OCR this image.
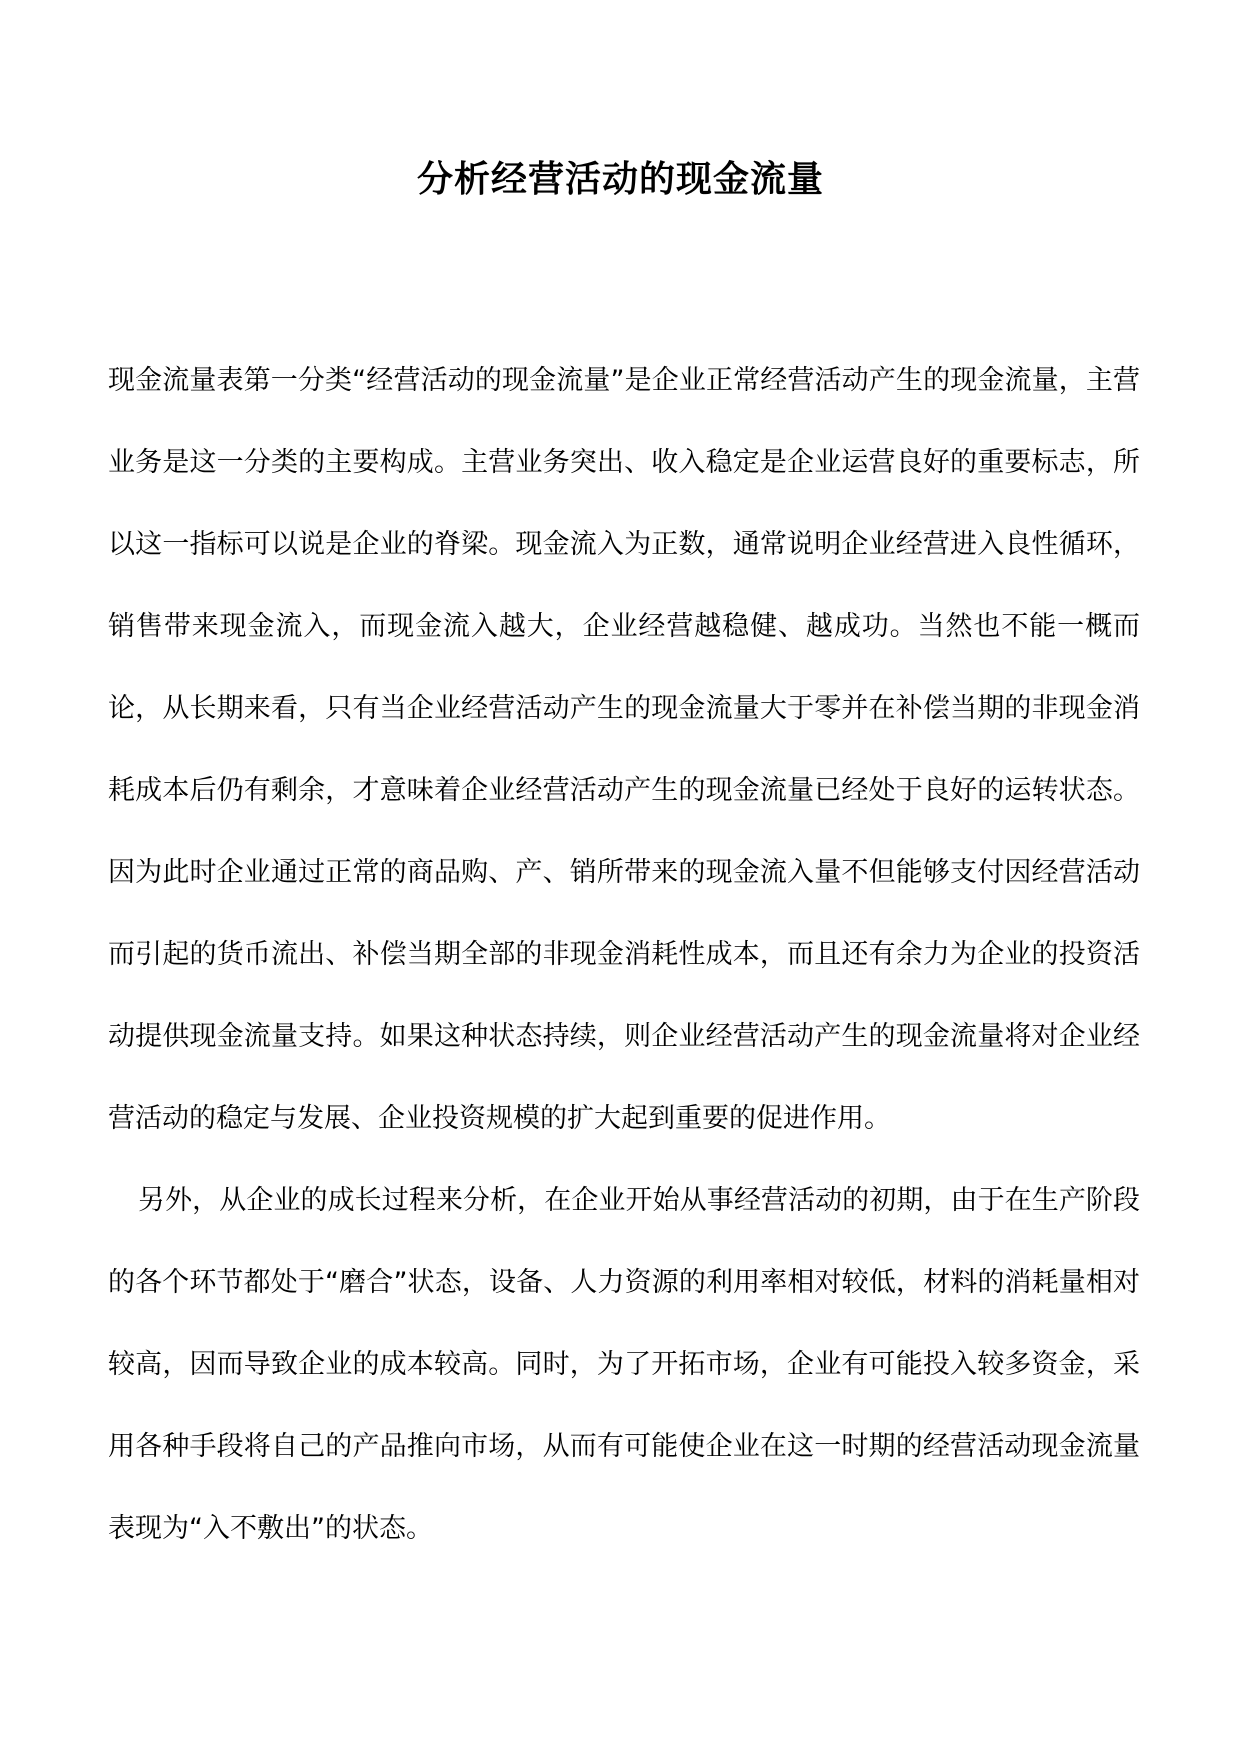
分析经营活动的现金流量

现金流量表第一分类“经营活动的现金流量”是企业正常经营活动产生的现金流量，主营业务是这一分类的主要构成。主营业务突出、收入稳定是企业运营良好的重要标志，所以这一指标可以说是企业的脊梁。现金流入为正数，通常说明企业经营进入良性循环，销售带来现金流入，而现金流入越大，企业经营越稳健、越成功。当然也不能一概而论，从长期来看，只有当企业经营活动产生的现金流量大于零并在补偿当期的非现金消耗成本后仍有剩余，才意味着企业经营活动产生的现金流量已经处于良好的运转状态。因为此时企业通过正常的商品购、产、销所带来的现金流入量不但能够支付因经营活动而引起的货币流出、补偿当期全部的非现金消耗性成本，而且还有余力为企业的投资活动提供现金流量支持。如果这种状态持续，则企业经营活动产生的现金流量将对企业经营活动的稳定与发展、企业投资规模的扩大起到重要的促进作用。

另外，从企业的成长过程来分析，在企业开始从事经营活动的初期，由于在生产阶段的各个环节都处于“磨合”状态，设备、人力资源的利用率相对较低，材料的消耗量相对较高，因而导致企业的成本较高。同时，为了开拓市场，企业有可能投入较多资金，采用各种手段将自己的产品推向市场，从而有可能使企业在这一时期的经营活动现金流量表现为“入不敷出”的状态。
